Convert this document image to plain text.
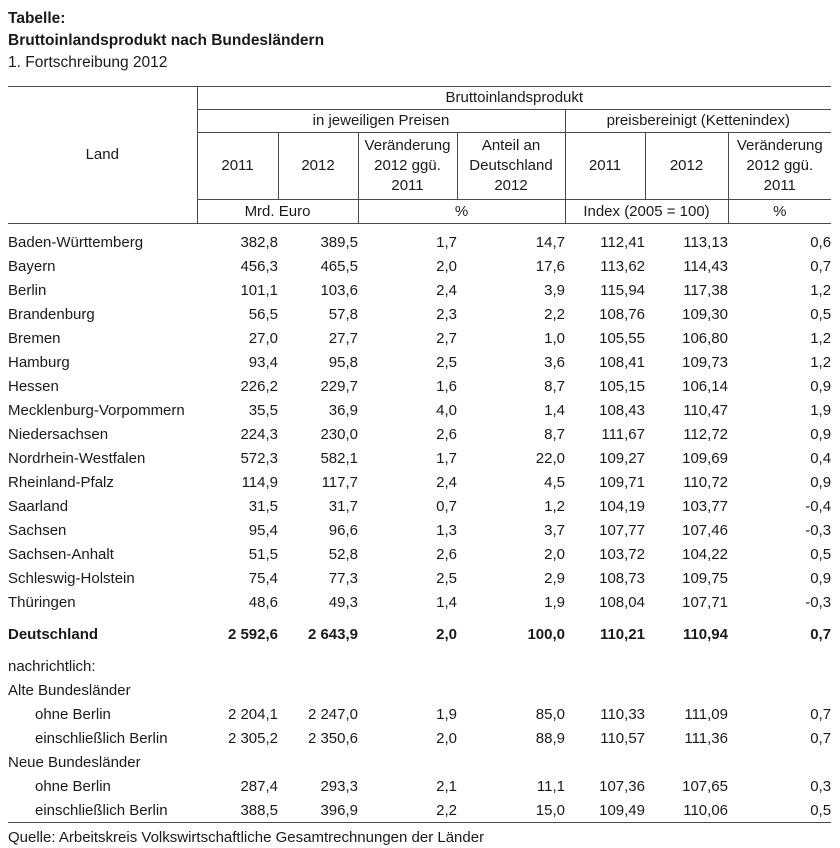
Tabelle:
Bruttoinlandsprodukt nach Bundesländern
1. Fortschreibung 2012
Land	Bruttoinlandsprodukt						
	in jeweiligen Preisen				preisbereinigt (Kettenindex)		
	2011	2012	Veränderung 2012 ggü. 2011	Anteil an Deutschland 2012	2011	2012	Veränderung 2012 ggü. 2011
	Mrd. Euro		%		Index (2005 = 100)		%

Baden-Württemberg	382,8	389,5	1,7	14,7	112,41	113,13	0,6
Bayern	456,3	465,5	2,0	17,6	113,62	114,43	0,7
Berlin	101,1	103,6	2,4	3,9	115,94	117,38	1,2
Brandenburg	56,5	57,8	2,3	2,2	108,76	109,30	0,5
Bremen	27,0	27,7	2,7	1,0	105,55	106,80	1,2
Hamburg	93,4	95,8	2,5	3,6	108,41	109,73	1,2
Hessen	226,2	229,7	1,6	8,7	105,15	106,14	0,9
Mecklenburg-Vorpommern	35,5	36,9	4,0	1,4	108,43	110,47	1,9
Niedersachsen	224,3	230,0	2,6	8,7	111,67	112,72	0,9
Nordrhein-Westfalen	572,3	582,1	1,7	22,0	109,27	109,69	0,4
Rheinland-Pfalz	114,9	117,7	2,4	4,5	109,71	110,72	0,9
Saarland	31,5	31,7	0,7	1,2	104,19	103,77	-0,4
Sachsen	95,4	96,6	1,3	3,7	107,77	107,46	-0,3
Sachsen-Anhalt	51,5	52,8	2,6	2,0	103,72	104,22	0,5
Schleswig-Holstein	75,4	77,3	2,5	2,9	108,73	109,75	0,9
Thüringen	48,6	49,3	1,4	1,9	108,04	107,71	-0,3
Deutschland	2 592,6	2 643,9	2,0	100,0	110,21	110,94	0,7
nachrichtlich:							
Alte Bundesländer							
ohne Berlin	2 204,1	2 247,0	1,9	85,0	110,33	111,09	0,7
einschließlich Berlin	2 305,2	2 350,6	2,0	88,9	110,57	111,36	0,7
Neue Bundesländer							
ohne Berlin	287,4	293,3	2,1	11,1	107,36	107,65	0,3
einschließlich Berlin	388,5	396,9	2,2	15,0	109,49	110,06	0,5
Quelle: Arbeitskreis Volkswirtschaftliche Gesamtrechnungen der Länder
